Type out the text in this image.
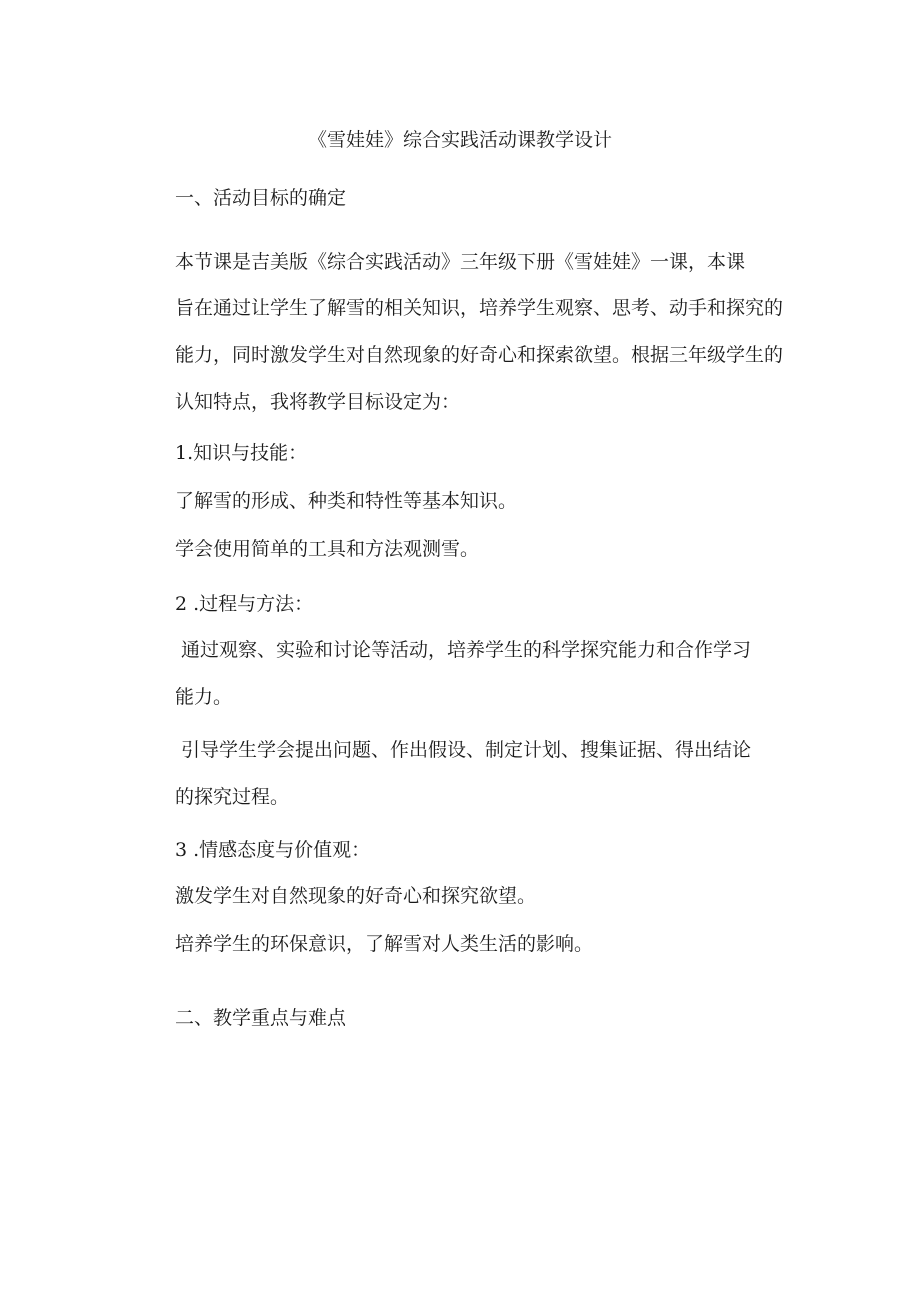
《雪娃娃》综合实践活动课教学设计

一、活动目标的确定

本节课是吉美版《综合实践活动》三年级下册《雪娃娃》一课，本课

旨在通过让学生了解雪的相关知识，培养学生观察、思考、动手和探究的

能力，同时激发学生对自然现象的好奇心和探索欲望。根据三年级学生的

认知特点，我将教学目标设定为：

1.知识与技能：

了解雪的形成、种类和特性等基本知识。

学会使用简单的工具和方法观测雪。

2 .过程与方法：

通过观察、实验和讨论等活动，培养学生的科学探究能力和合作学习

能力。

引导学生学会提出问题、作出假设、制定计划、搜集证据、得出结论

的探究过程。

3 .情感态度与价值观：

激发学生对自然现象的好奇心和探究欲望。

培养学生的环保意识，了解雪对人类生活的影响。

二、教学重点与难点
